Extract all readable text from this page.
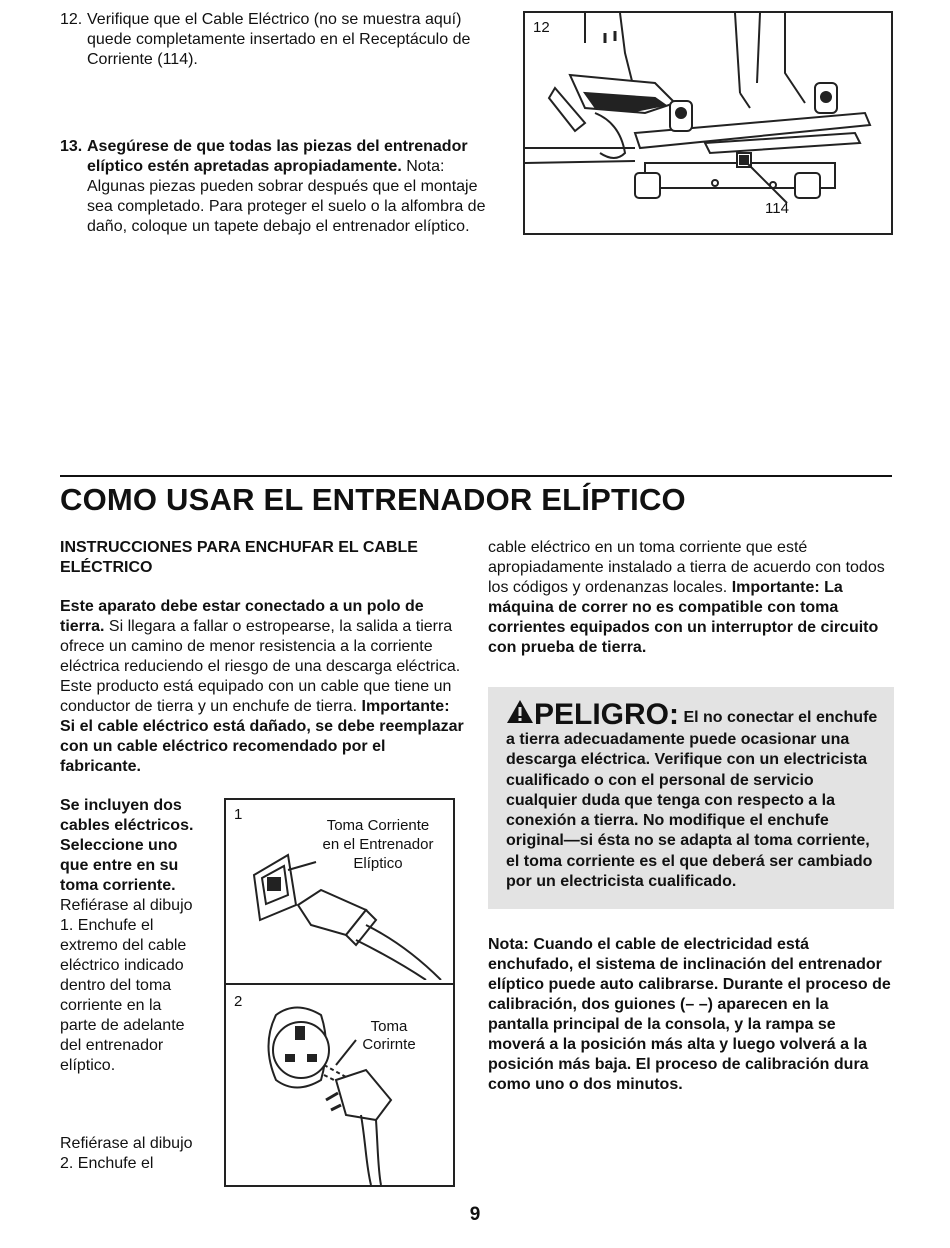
12. Verifique que el Cable Eléctrico (no se muestra aquí) quede completamente insertado en el Receptáculo de Corriente (114).
13. Asegúrese de que todas las piezas del entrenador elíptico estén apretadas apropiadamente. Nota: Algunas piezas pueden sobrar después que el montaje sea completado. Para proteger el suelo o la alfombra de daño, coloque un tapete debajo el entrenador elíptico.
12
114
COMO USAR EL ENTRENADOR ELÍPTICO
INSTRUCCIONES PARA ENCHUFAR EL CABLE ELÉCTRICO
Este aparato debe estar conectado a un polo de tierra. Si llegara a fallar o estropearse, la salida a tierra ofrece un camino de menor resistencia a la corriente eléctrica reduciendo el riesgo de una descarga eléctrica. Este producto está equipado con un cable que tiene un conductor de tierra y un enchufe de tierra. Importante: Si el cable eléctrico está dañado, se debe reemplazar con un cable eléctrico recomendado por el fabricante.
Se incluyen dos cables eléctricos. Seleccione uno que entre en su toma corriente. Refiérase al dibujo 1. Enchufe el extremo del cable eléctrico indicado dentro del toma corriente en la parte de adelante del entrenador elíptico.
Refiérase al dibujo 2. Enchufe el
1
Toma Corriente en el Entrenador Elíptico
2
Toma Corirnte
cable eléctrico en un toma corriente que esté apropiadamente instalado a tierra de acuerdo con todos los códigos y ordenanzas locales. Importante: La máquina de correr no es compatible con toma corrientes equipados con un interruptor de circuito con prueba de tierra.
PELIGRO: El no conectar el enchufe a tierra adecuadamente puede ocasionar una descarga eléctrica. Verifique con un electricista cualificado o con el personal de servicio cualquier duda que tenga con respecto a la conexión a tierra. No modifique el enchufe original—si ésta no se adapta al toma corriente, el toma corriente es el que deberá ser cambiado por un electricista cualificado.
Nota: Cuando el cable de electricidad está enchufado, el sistema de inclinación del entrenador elíptico puede auto calibrarse. Durante el proceso de calibración, dos guiones (– –) aparecen en la pantalla principal de la consola, y la rampa se moverá a la posición más alta y luego volverá a la posición más baja. El proceso de calibración dura como uno o dos minutos.
9
